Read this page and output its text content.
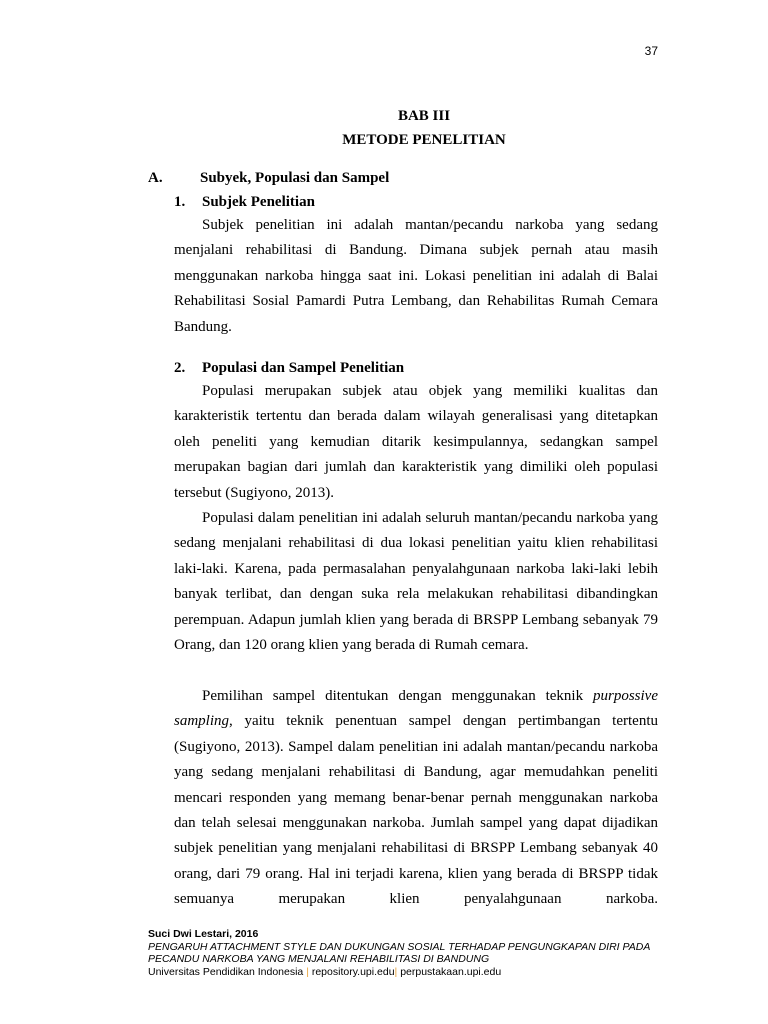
37
BAB III
METODE PENELITIAN
A. Subyek, Populasi dan Sampel
1. Subjek Penelitian

Subjek penelitian ini adalah mantan/pecandu narkoba yang sedang menjalani rehabilitasi di Bandung. Dimana subjek pernah atau masih menggunakan narkoba hingga saat ini. Lokasi penelitian ini adalah di Balai Rehabilitasi Sosial Pamardi Putra Lembang, dan Rehabilitas Rumah Cemara Bandung.

2. Populasi dan Sampel Penelitian

Populasi merupakan subjek atau objek yang memiliki kualitas dan karakteristik tertentu dan berada dalam wilayah generalisasi yang ditetapkan oleh peneliti yang kemudian ditarik kesimpulannya, sedangkan sampel merupakan bagian dari jumlah dan karakteristik yang dimiliki oleh populasi tersebut (Sugiyono, 2013).

Populasi dalam penelitian ini adalah seluruh mantan/pecandu narkoba yang sedang menjalani rehabilitasi di dua lokasi penelitian yaitu klien rehabilitasi laki-laki. Karena, pada permasalahan penyalahgunaan narkoba laki-laki lebih banyak terlibat, dan dengan suka rela melakukan rehabilitasi dibandingkan perempuan. Adapun jumlah klien yang berada di BRSPP Lembang sebanyak 79 Orang, dan 120 orang klien yang berada di Rumah cemara.

Pemilihan sampel ditentukan dengan menggunakan teknik purpossive sampling, yaitu teknik penentuan sampel dengan pertimbangan tertentu (Sugiyono, 2013). Sampel dalam penelitian ini adalah mantan/pecandu narkoba yang sedang menjalani rehabilitasi di Bandung, agar memudahkan peneliti mencari responden yang memang benar-benar pernah menggunakan narkoba dan telah selesai menggunakan narkoba. Jumlah sampel yang dapat dijadikan subjek penelitian yang menjalani rehabilitasi di BRSPP Lembang sebanyak 40 orang, dari 79 orang. Hal ini terjadi karena, klien yang berada di BRSPP tidak semuanya merupakan klien penyalahgunaan narkoba.

Suci Dwi Lestari, 2016
PENGARUH ATTACHMENT STYLE DAN DUKUNGAN SOSIAL TERHADAP PENGUNGKAPAN DIRI PADA
PECANDU NARKOBA YANG MENJALANI REHABILITASI DI BANDUNG
Universitas Pendidikan Indonesia | repository.upi.edu| perpustakaan.upi.edu
